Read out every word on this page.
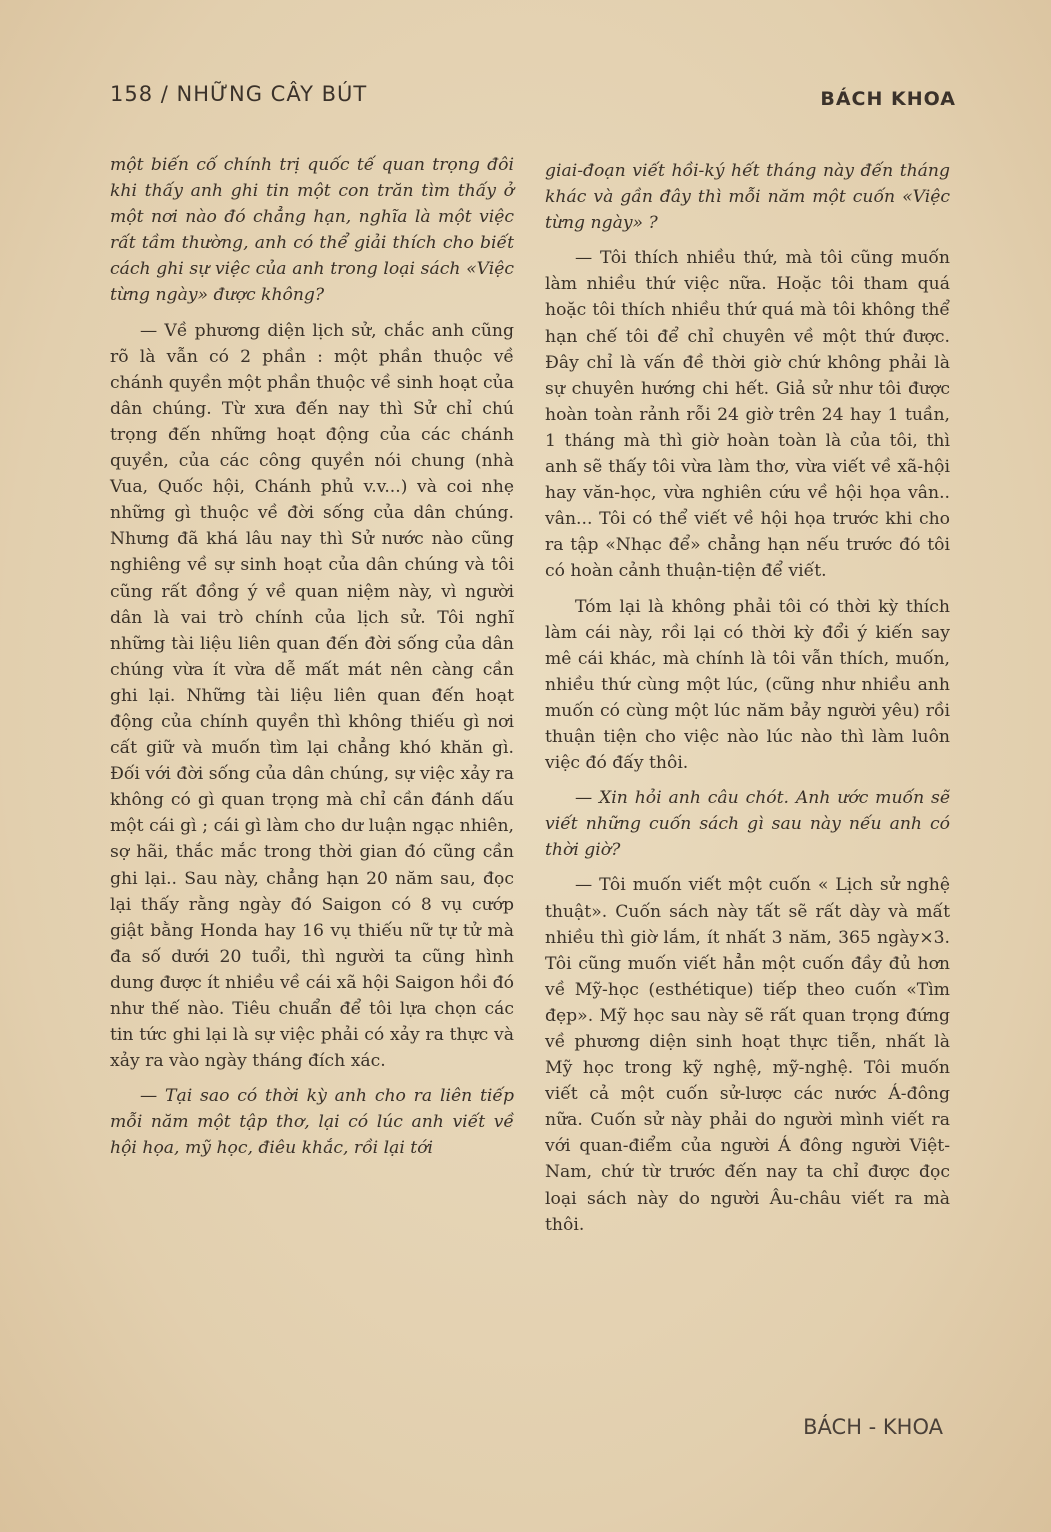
158 / NHỮNG CÂY BÚT	BÁCH KHOA

một biến cố chính trị quốc tế quan trọng đôi khi thấy anh ghi tin một con trăn tìm thấy ở một nơi nào đó chẳng hạn, nghĩa là một việc rất tầm thường, anh có thể giải thích cho biết cách ghi sự việc của anh trong loại sách «Việc từng ngày» được không?

— Về phương diện lịch sử, chắc anh cũng rõ là vẫn có 2 phần : một phần thuộc về chánh quyền một phần thuộc về sinh hoạt của dân chúng. Từ xưa đến nay thì Sử chỉ chú trọng đến những hoạt động của các chánh quyền, của các công quyền nói chung (nhà Vua, Quốc hội, Chánh phủ v.v...) và coi nhẹ những gì thuộc về đời sống của dân chúng. Nhưng đã khá lâu nay thì Sử nước nào cũng nghiêng về sự sinh hoạt của dân chúng và tôi cũng rất đồng ý về quan niệm này, vì người dân là vai trò chính của lịch sử. Tôi nghĩ những tài liệu liên quan đến đời sống của dân chúng vừa ít vừa dễ mất mát nên càng cần ghi lại. Những tài liệu liên quan đến hoạt động của chính quyền thì không thiếu gì nơi cất giữ và muốn tìm lại chẳng khó khăn gì. Đối với đời sống của dân chúng, sự việc xảy ra không có gì quan trọng mà chỉ cần đánh dấu một cái gì ; cái gì làm cho dư luận ngạc nhiên, sợ hãi, thắc mắc trong thời gian đó cũng cần ghi lại.. Sau này, chẳng hạn 20 năm sau, đọc lại thấy rằng ngày đó Saigon có 8 vụ cướp giật bằng Honda hay 16 vụ thiếu nữ tự tử mà đa số dưới 20 tuổi, thì người ta cũng hình dung được ít nhiều về cái xã hội Saigon hồi đó như thế nào. Tiêu chuẩn để tôi lựa chọn các tin tức ghi lại là sự việc phải có xảy ra thực và xảy ra vào ngày tháng đích xác.

— Tại sao có thời kỳ anh cho ra liên tiếp mỗi năm một tập thơ, lại có lúc anh viết về hội họa, mỹ học, điêu khắc, rồi lại tới

giai-đoạn viết hồi-ký hết tháng này đến tháng khác và gần đây thì mỗi năm một cuốn «Việc từng ngày» ?

— Tôi thích nhiều thứ, mà tôi cũng muốn làm nhiều thứ việc nữa. Hoặc tôi tham quá hoặc tôi thích nhiều thứ quá mà tôi không thể hạn chế tôi để chỉ chuyên về một thứ được. Đây chỉ là vấn đề thời giờ chứ không phải là sự chuyên hướng chi hết. Giả sử như tôi được hoàn toàn rảnh rỗi 24 giờ trên 24 hay 1 tuần, 1 tháng mà thì giờ hoàn toàn là của tôi, thì anh sẽ thấy tôi vừa làm thơ, vừa viết về xã-hội hay văn-học, vừa nghiên cứu về hội họa vân.. vân... Tôi có thể viết về hội họa trước khi cho ra tập «Nhạc để» chẳng hạn nếu trước đó tôi có hoàn cảnh thuận-tiện để viết.

Tóm lại là không phải tôi có thời kỳ thích làm cái này, rồi lại có thời kỳ đổi ý kiến say mê cái khác, mà chính là tôi vẫn thích, muốn, nhiều thứ cùng một lúc, (cũng như nhiều anh muốn có cùng một lúc năm bảy người yêu) rồi thuận tiện cho việc nào lúc nào thì làm luôn việc đó đấy thôi.

— Xin hỏi anh câu chót. Anh ước muốn sẽ viết những cuốn sách gì sau này nếu anh có thời giờ?

— Tôi muốn viết một cuốn « Lịch sử nghệ thuật». Cuốn sách này tất sẽ rất dày và mất nhiều thì giờ lắm, ít nhất 3 năm, 365 ngày×3. Tôi cũng muốn viết hẳn một cuốn đầy đủ hơn về Mỹ-học (esthétique) tiếp theo cuốn «Tìm đẹp». Mỹ học sau này sẽ rất quan trọng đứng về phương diện sinh hoạt thực tiễn, nhất là Mỹ học trong kỹ nghệ, mỹ-nghệ. Tôi muốn viết cả một cuốn sử-lược các nước Á-đông nữa. Cuốn sử này phải do người mình viết ra với quan-điểm của người Á đông người Việt-Nam, chứ từ trước đến nay ta chỉ được đọc loại sách này do người Âu-châu viết ra mà thôi.

BÁCH - KHOA
